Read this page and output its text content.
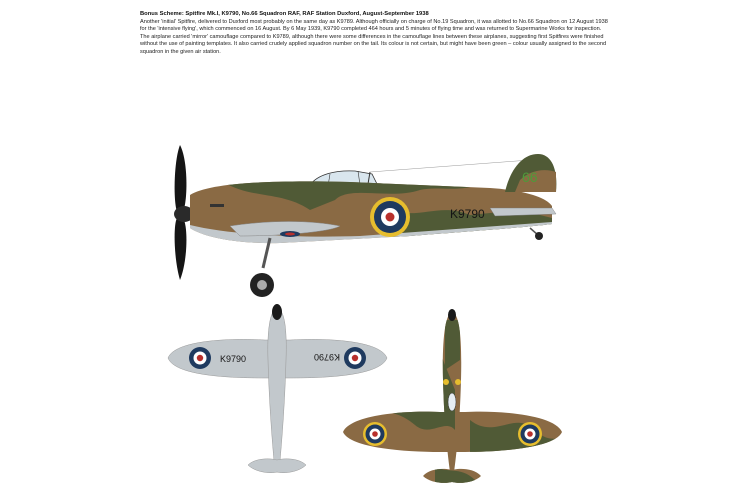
Bonus Scheme: Spitfire Mk.I, K9790, No.66 Squadron RAF, RAF Station Duxford, August-September 1938

Another 'initial' Spitfire, delivered to Duxford most probably on the same day as K9789. Although officially on charge of No.19 Squadron, it was allotted to No.66 Squadron on 12 August 1938 for the 'intensive flying', which commenced on 16 August. By 6 May 1939, K9790 completed 464 hours and 5 minutes of flying time and was returned to Supermarine Works for inspection.

The airplane carried 'mirror' camouflage compared to K9789, although there were some differences in the camouflage lines between these airplanes, suggesting first Spitfires were finished without the use of painting templates. It also carried crudely applied squadron number on the tail. Its colour is not certain, but might have been green – colour usually assigned to the second squadron in the given air station.

66
K9790
K9790	K9790
